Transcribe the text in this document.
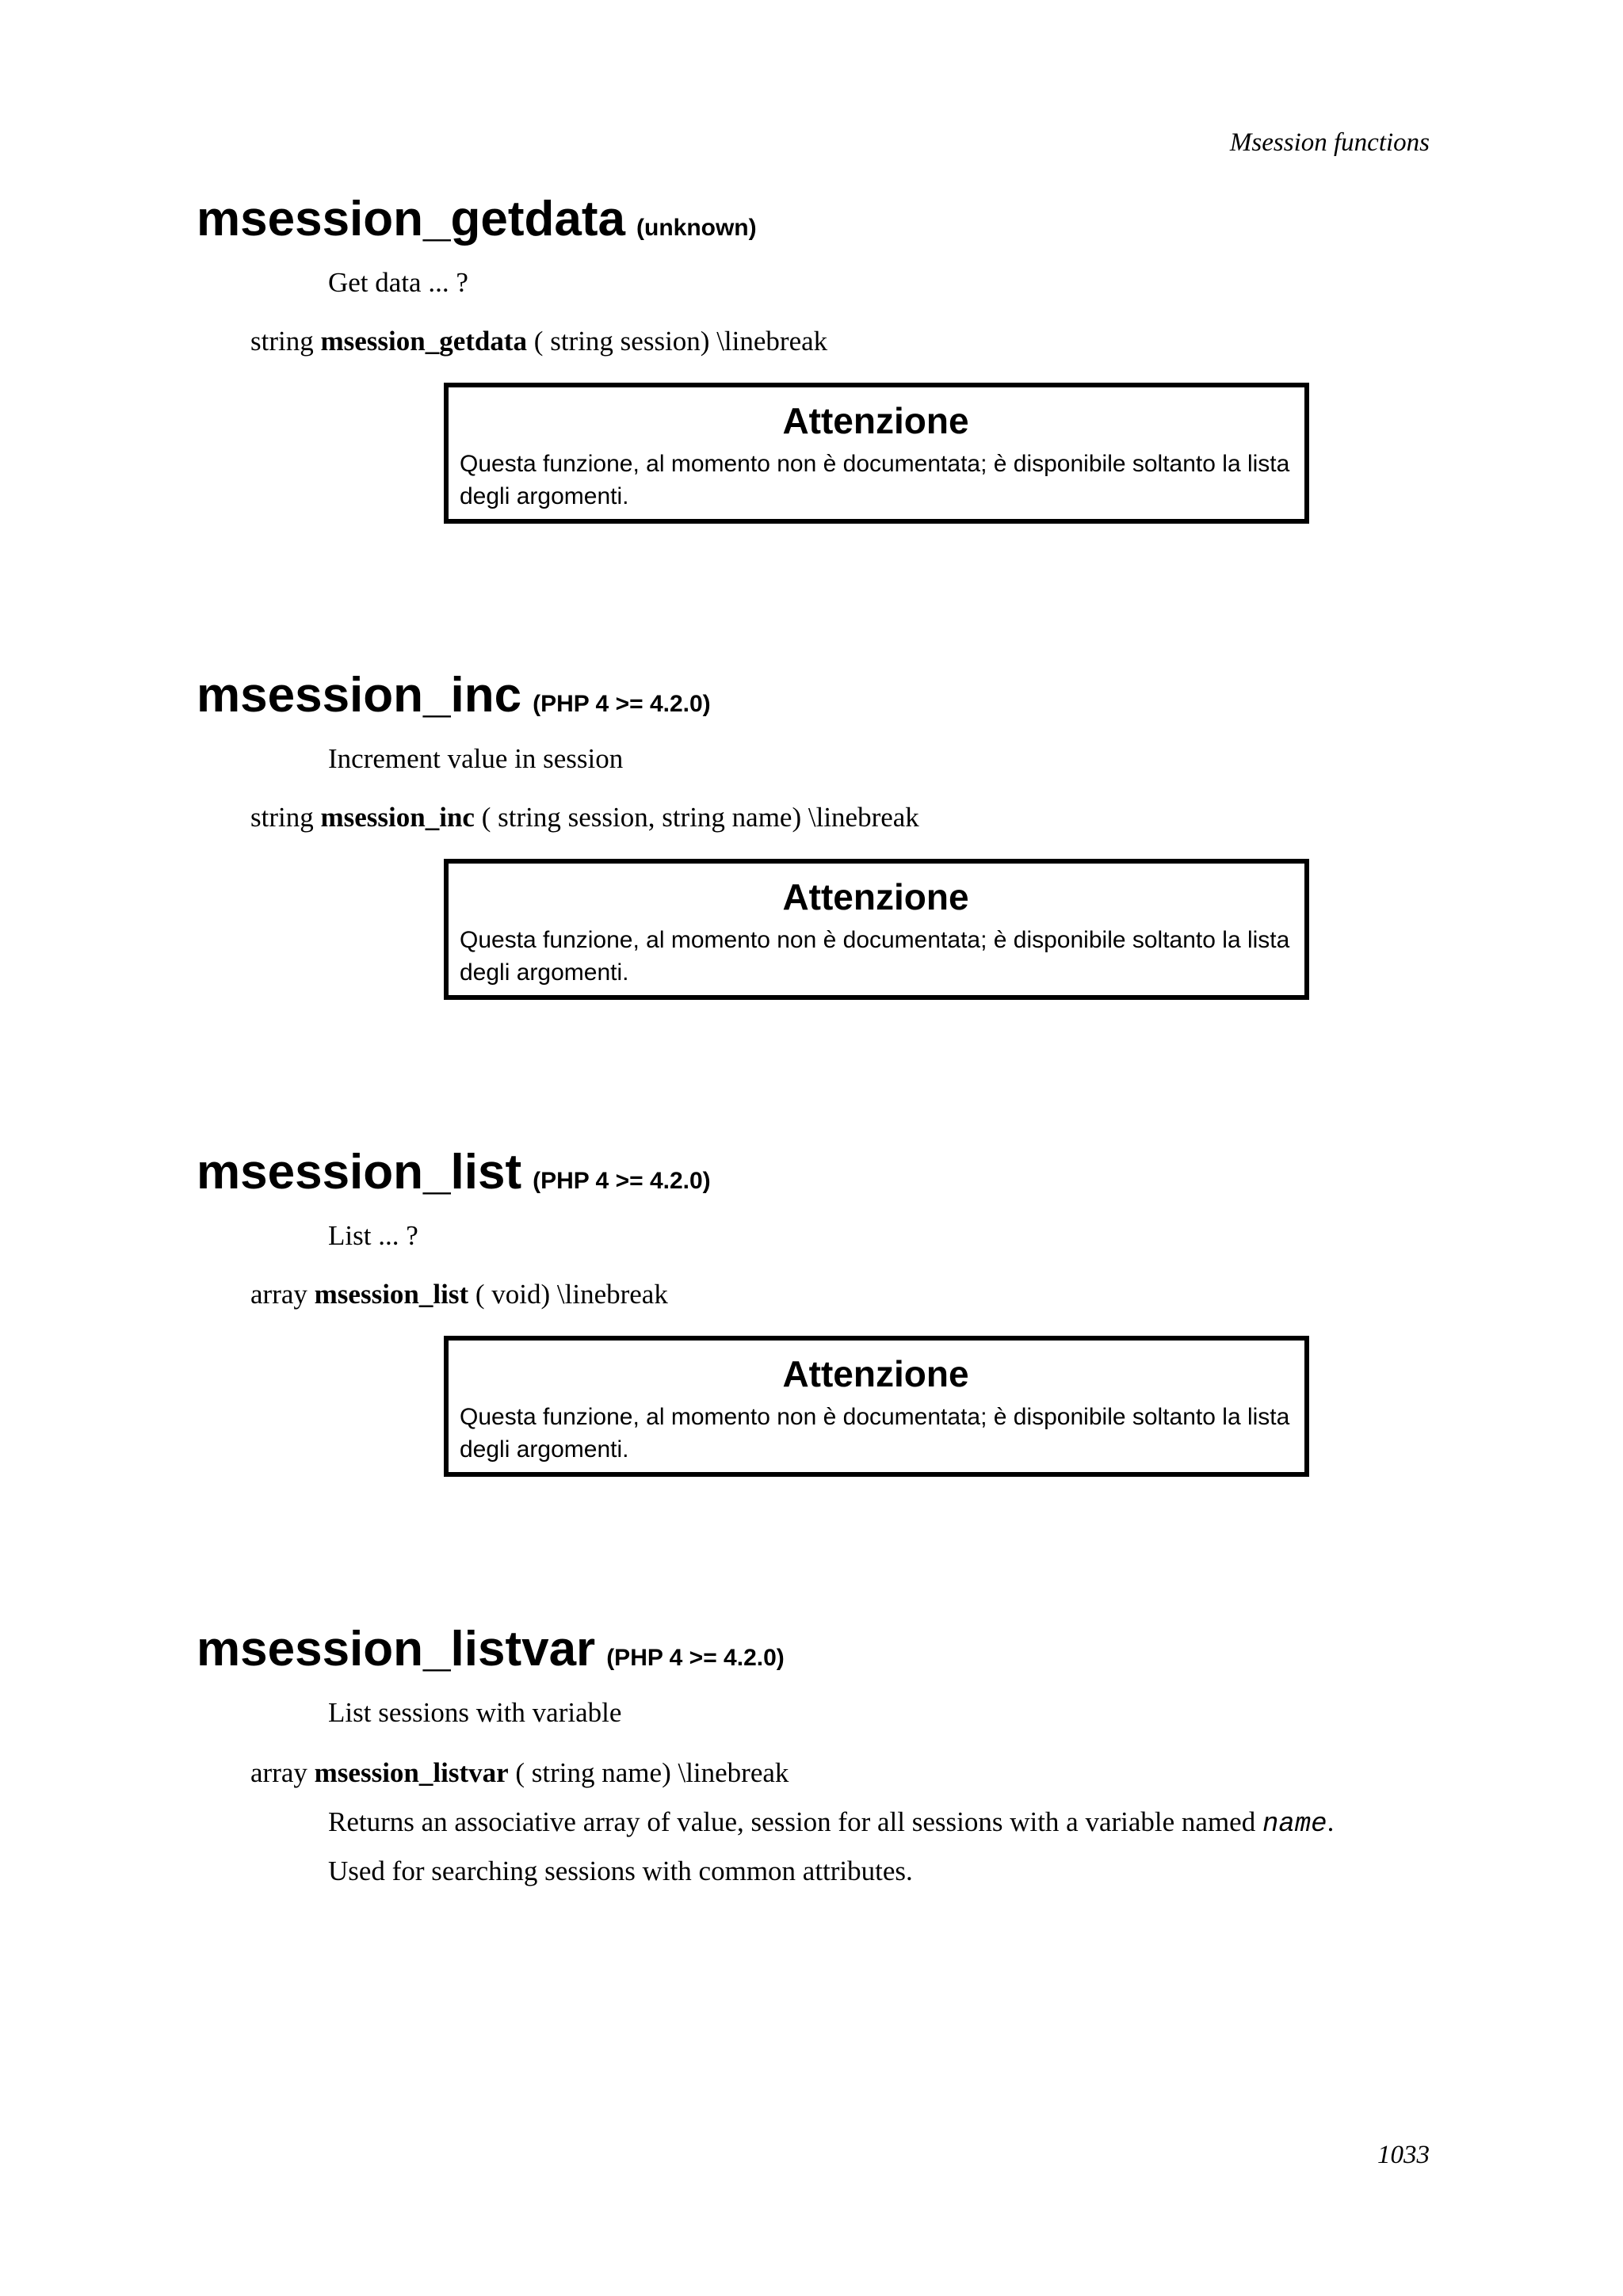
Msession functions

msession_getdata (unknown)

Get data ... ?

string msession_getdata ( string session) \linebreak

Attenzione

Questa funzione, al momento non è documentata; è disponibile soltanto la lista degli argomenti.

msession_inc (PHP 4 >= 4.2.0)

Increment value in session

string msession_inc ( string session, string name) \linebreak

Attenzione

Questa funzione, al momento non è documentata; è disponibile soltanto la lista degli argomenti.

msession_list (PHP 4 >= 4.2.0)

List ... ?

array msession_list ( void) \linebreak

Attenzione

Questa funzione, al momento non è documentata; è disponibile soltanto la lista degli argomenti.

msession_listvar (PHP 4 >= 4.2.0)

List sessions with variable

array msession_listvar ( string name) \linebreak

Returns an associative array of value, session for all sessions with a variable named name.

Used for searching sessions with common attributes.

1033
